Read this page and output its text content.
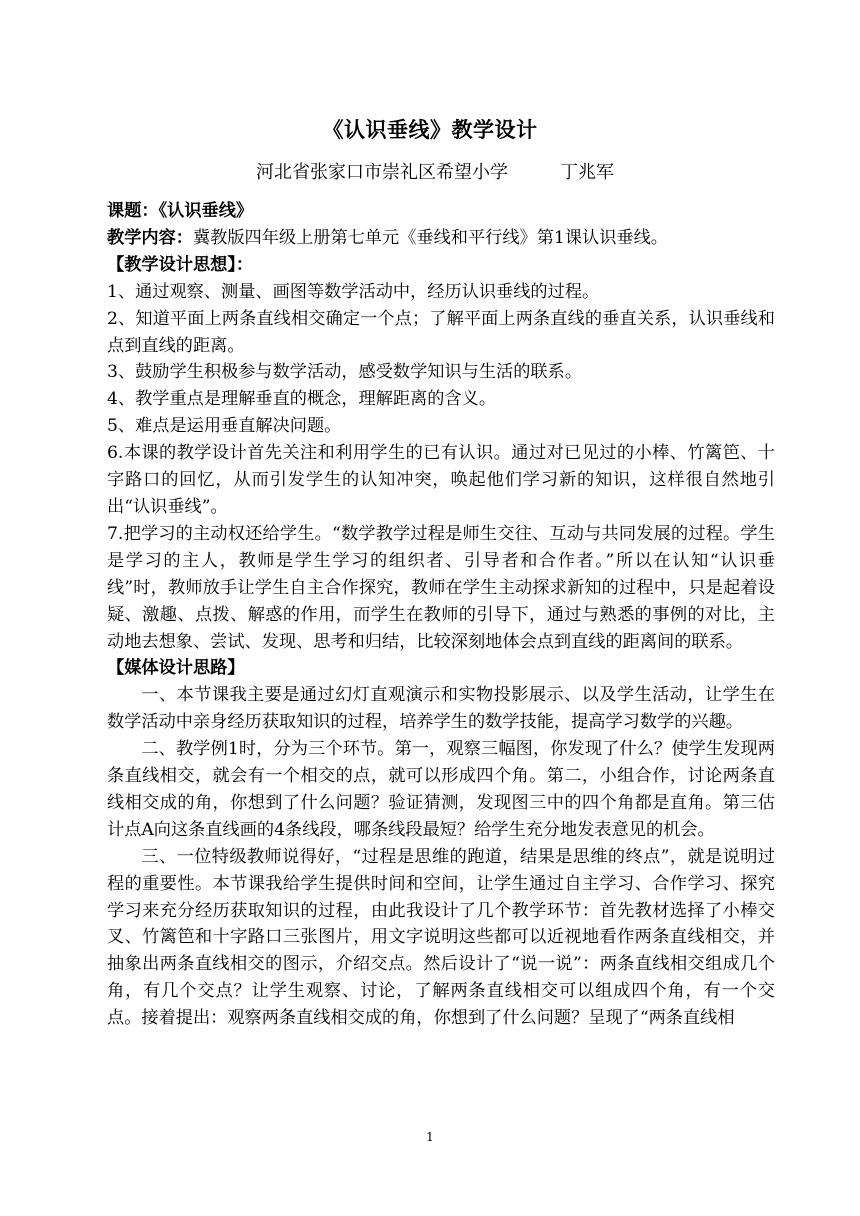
《认识垂线》教学设计
河北省张家口市崇礼区希望小学	丁兆军

课题：《认识垂线》

教学内容：冀教版四年级上册第七单元《垂线和平行线》第1课认识垂线。

【教学设计思想】：

1、通过观察、测量、画图等数学活动中，经历认识垂线的过程。

2、知道平面上两条直线相交确定一个点；了解平面上两条直线的垂直关系，认识垂线和点到直线的距离。

3、鼓励学生积极参与数学活动，感受数学知识与生活的联系。

4、教学重点是理解垂直的概念，理解距离的含义。

5、难点是运用垂直解决问题。

6.本课的教学设计首先关注和利用学生的已有认识。通过对已见过的小棒、竹篱笆、十字路口的回忆，从而引发学生的认知冲突，唤起他们学习新的知识，这样很自然地引出“认识垂线”。

7.把学习的主动权还给学生。“数学教学过程是师生交往、互动与共同发展的过程。学生是学习的主人，教师是学生学习的组织者、引导者和合作者。”所以在认知“认识垂线”时，教师放手让学生自主合作探究，教师在学生主动探求新知的过程中，只是起着设疑、激趣、点拨、解惑的作用，而学生在教师的引导下，通过与熟悉的事例的对比，主动地去想象、尝试、发现、思考和归结，比较深刻地体会点到直线的距离间的联系。

【媒体设计思路】

一、本节课我主要是通过幻灯直观演示和实物投影展示、以及学生活动，让学生在数学活动中亲身经历获取知识的过程，培养学生的数学技能，提高学习数学的兴趣。

二、教学例1时，分为三个环节。第一，观察三幅图，你发现了什么？使学生发现两条直线相交，就会有一个相交的点，就可以形成四个角。第二，小组合作，讨论两条直线相交成的角，你想到了什么问题？验证猜测，发现图三中的四个角都是直角。第三估计点A向这条直线画的4条线段，哪条线段最短？给学生充分地发表意见的机会。

三、一位特级教师说得好，“过程是思维的跑道，结果是思维的终点”，就是说明过程的重要性。本节课我给学生提供时间和空间，让学生通过自主学习、合作学习、探究学习来充分经历获取知识的过程，由此我设计了几个教学环节：首先教材选择了小棒交叉、竹篱笆和十字路口三张图片，用文字说明这些都可以近视地看作两条直线相交，并抽象出两条直线相交的图示，介绍交点。然后设计了“说一说”：两条直线相交组成几个角，有几个交点？让学生观察、讨论，了解两条直线相交可以组成四个角，有一个交点。接着提出：观察两条直线相交成的角，你想到了什么问题？呈现了“两条直线相

1
